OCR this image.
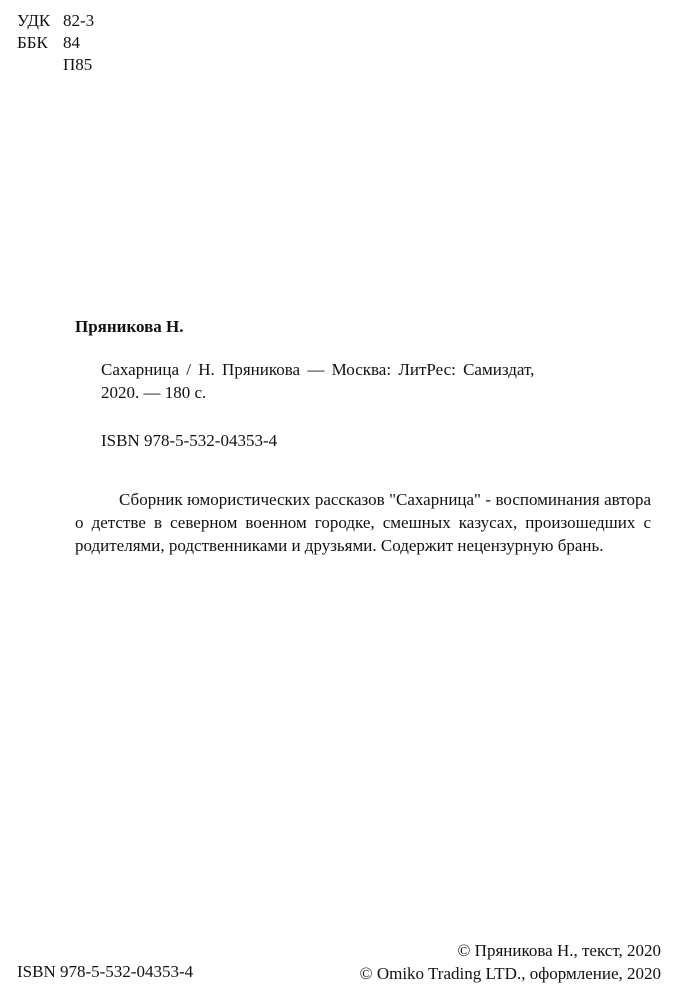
УДК 82-3
ББК 84
П85
Пряникова Н.
Сахарница / Н. Пряникова — Москва: ЛитРес: Самиздат,
2020. — 180 с.
ISBN 978-5-532-04353-4
Сборник юмористических рассказов "Сахарница" - воспоминания автора о детстве в северном военном городке, смешных казусах, произошедших с родителями, родственниками и друзьями. Содержит нецензурную брань.
ISBN 978-5-532-04353-4
© Пряникова Н., текст, 2020
© Omiko Trading LTD., оформление, 2020
